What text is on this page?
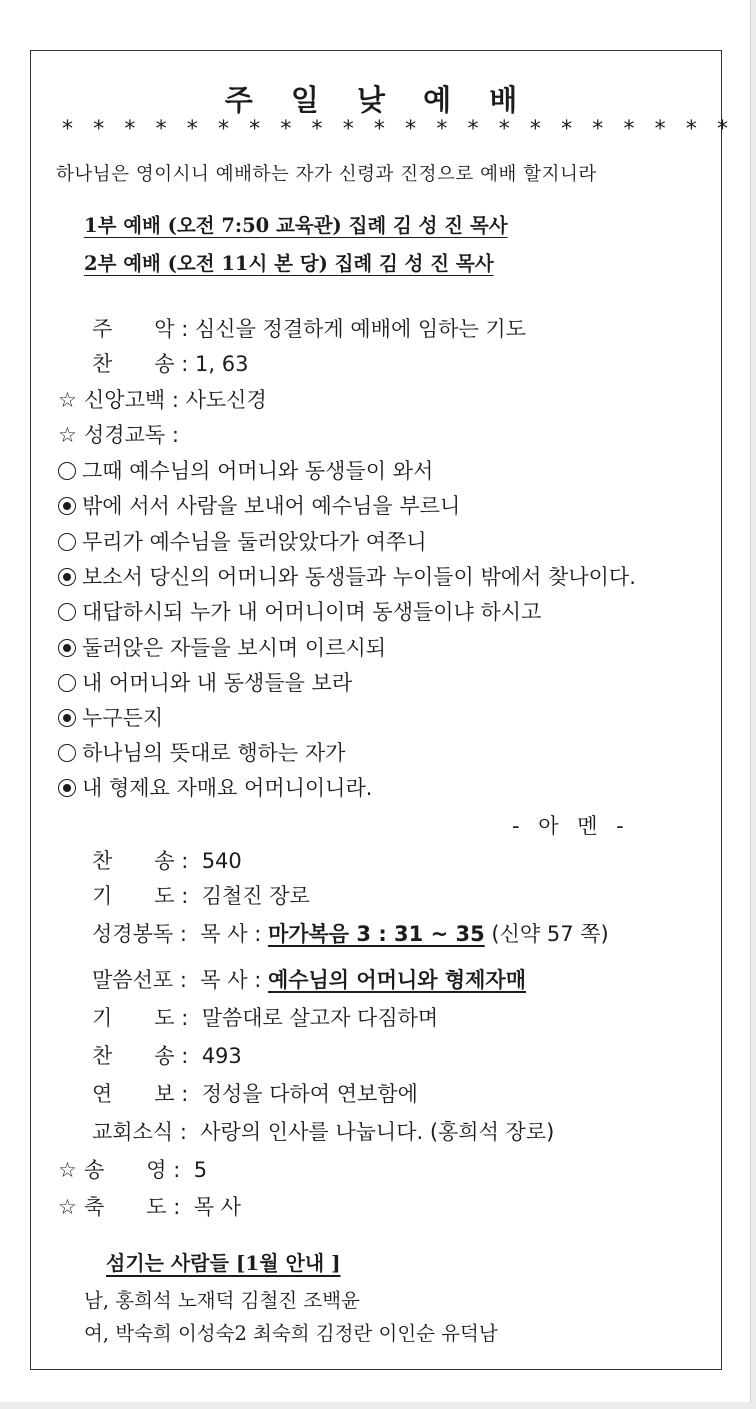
주 일 낮 예 배
* * * * * * * * * * * * * * * * * * * * * *
하나님은 영이시니 예배하는 자가 신령과 진정으로 예배 할지니라
1부 예배 (오전 7:50 교육관) 집례 김 성 진 목사
2부 예배 (오전 11시 본 당) 집례 김 성 진 목사
주　　악 : 심신을 정결하게 예배에 임하는 기도
찬　　송 : 1, 63
☆ 신앙고백 : 사도신경
☆ 성경교독 :
그때 예수님의 어머니와 동생들이 와서
밖에 서서 사람을 보내어 예수님을 부르니
무리가 예수님을 둘러앉았다가 여쭈니
보소서 당신의 어머니와 동생들과 누이들이 밖에서 찾나이다.
대답하시되 누가 내 어머니이며 동생들이냐 하시고
둘러앉은 자들을 보시며 이르시되
내 어머니와 내 동생들을 보라
누구든지
하나님의 뜻대로 행하는 자가
내 형제요 자매요 어머니이니라.
- 아 멘 -
찬　　송 :  540
기　　도 :  김철진 장로
성경봉독 :  목 사 : 마가복음 3 : 31 ~ 35 (신약 57 쪽)
말씀선포 :  목 사 : 예수님의 어머니와 형제자매
기　　도 :  말씀대로 살고자 다짐하며
찬　　송 :  493
연　　보 :  정성을 다하여 연보함에
교회소식 :  사랑의 인사를 나눕니다. (홍희석 장로)
☆ 송　　영 :  5
☆ 축　　도 :  목 사
섬기는 사람들 [1월 안내 ]
남, 홍희석 노재덕 김철진 조백윤
여, 박숙희 이성숙2 최숙희 김정란 이인순 유덕남
